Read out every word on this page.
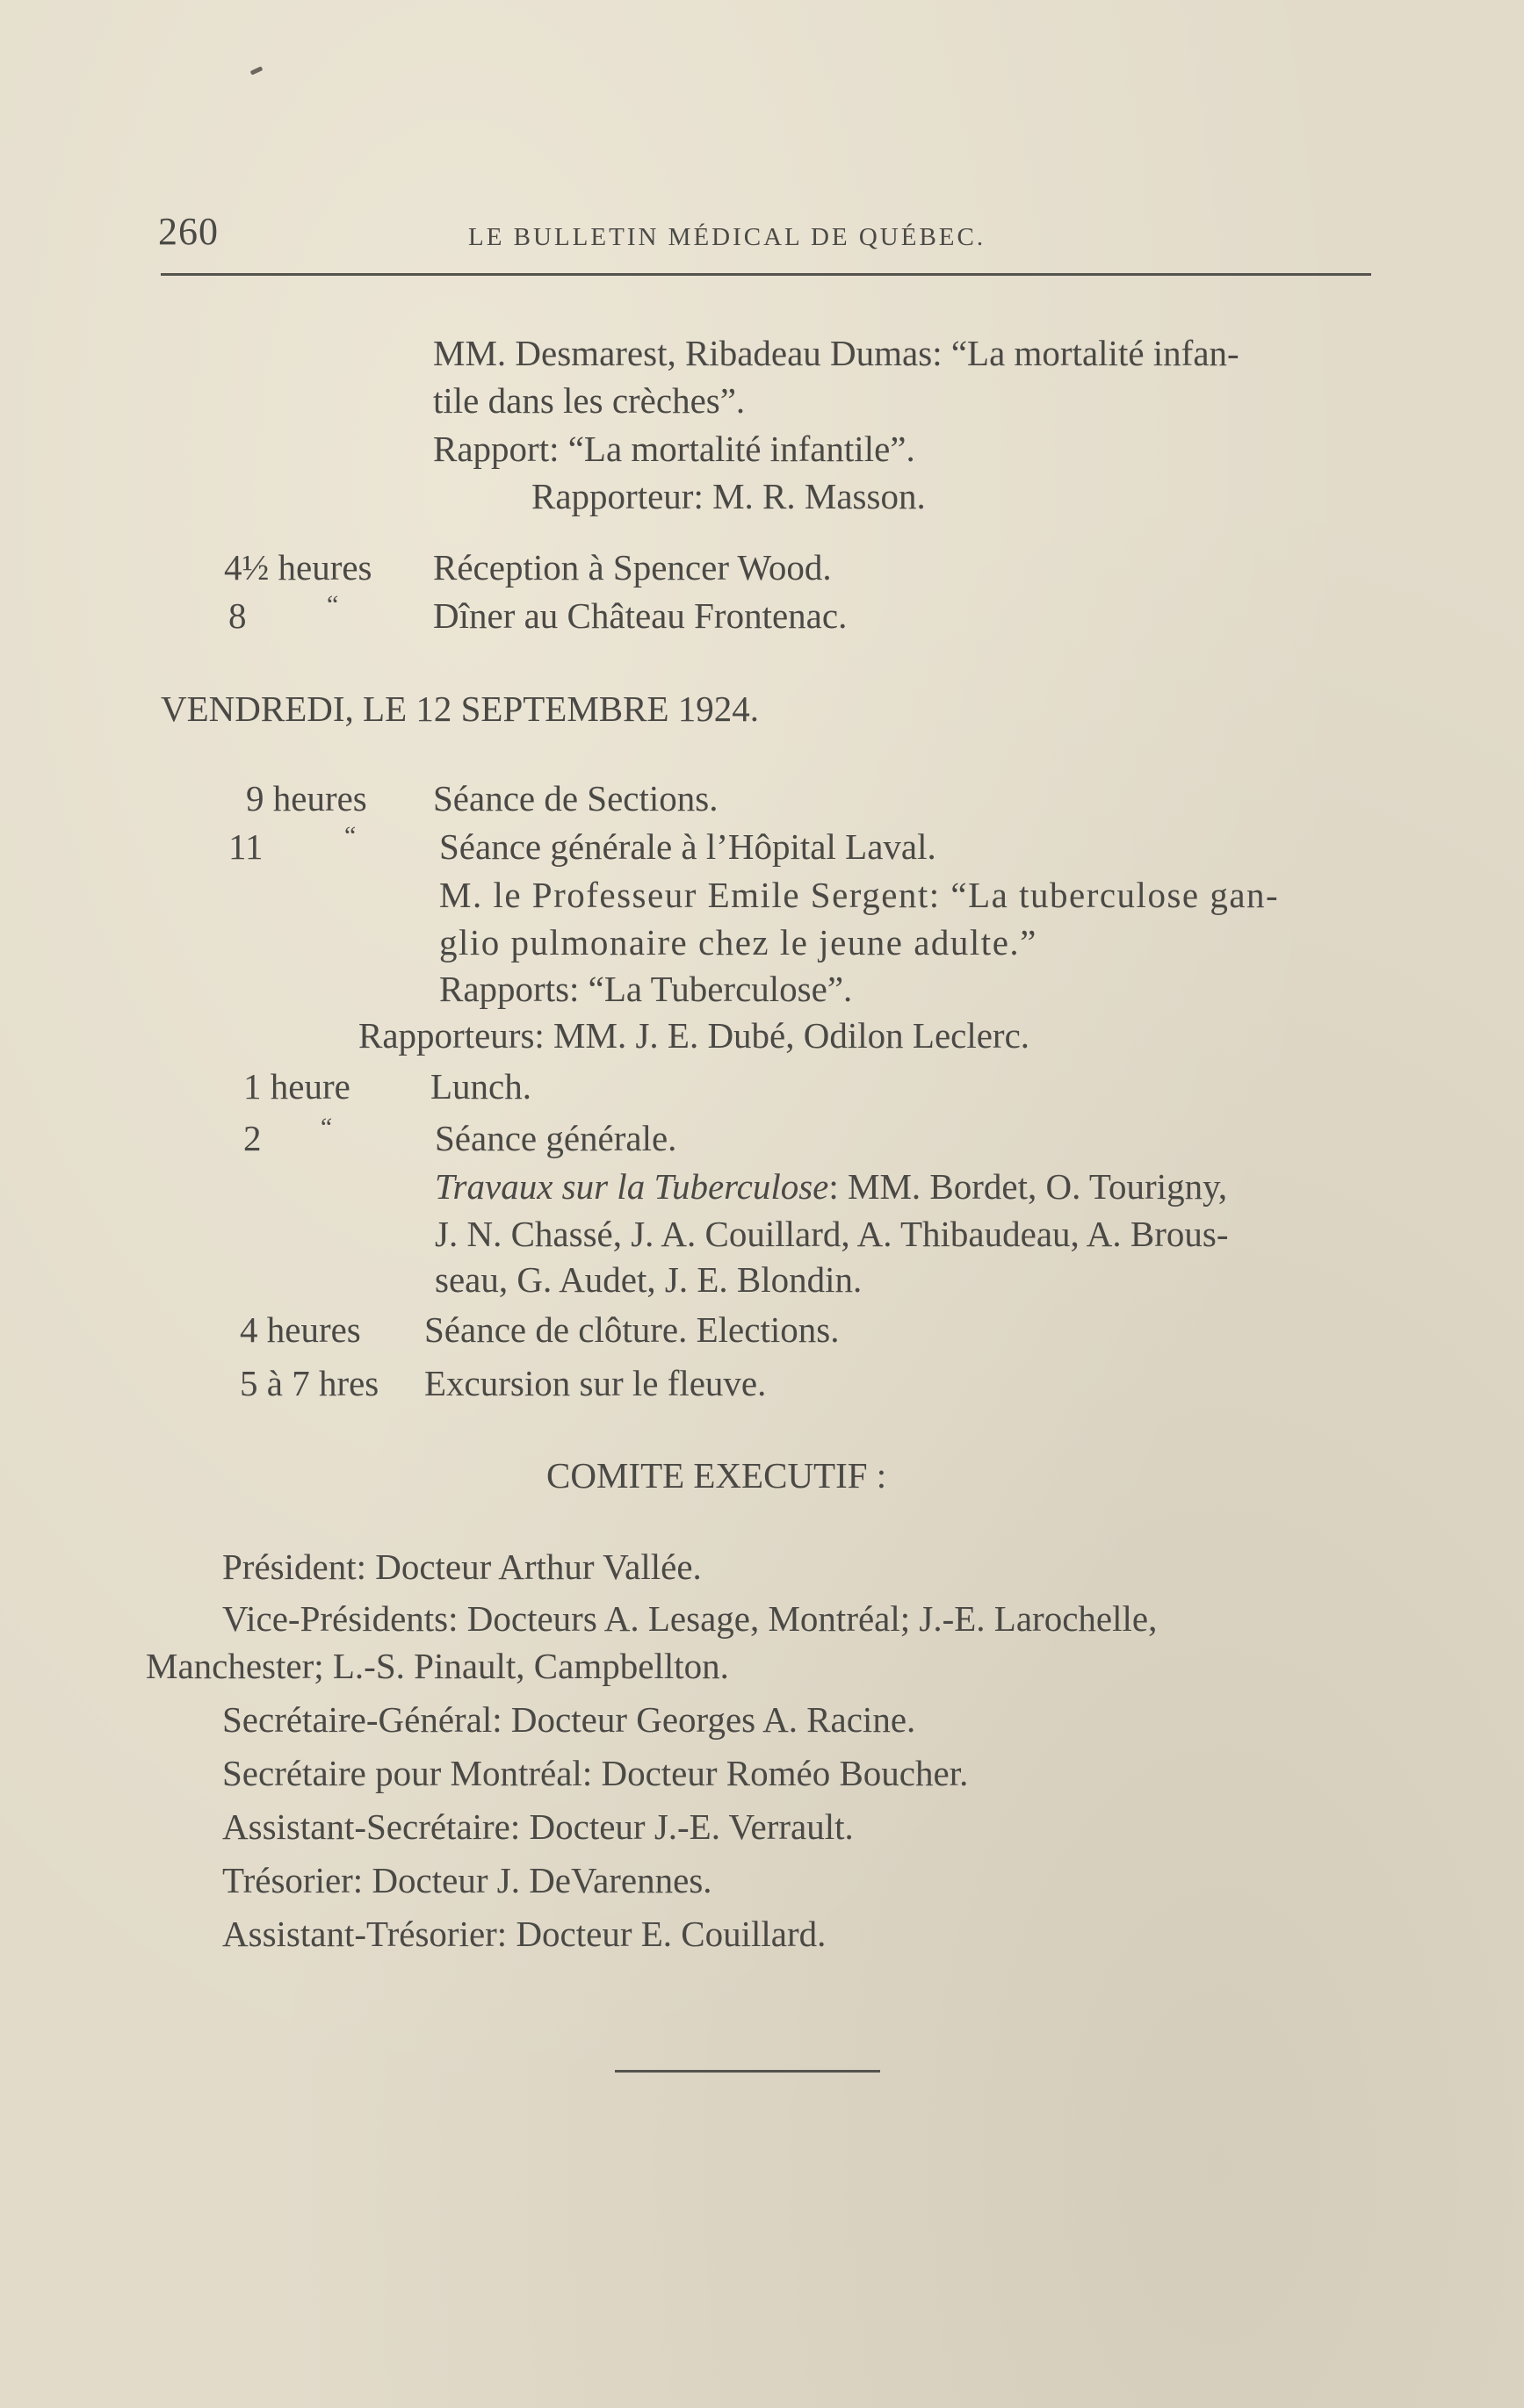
260	LE BULLETIN MÉDICAL DE QUÉBEC.
MM. Desmarest, Ribadeau Dumas: “La mortalité infan-
tile dans les crèches”.
Rapport: “La mortalité infantile”.
Rapporteur: M. R. Masson.
4½ heures Réception à Spencer Wood.
8	“	Dîner au Château Frontenac.
VENDREDI, LE 12 SEPTEMBRE 1924.
9 heures Séance de Sections.
11	“ Séance générale à l’Hôpital Laval.
M. le Professeur Emile Sergent: “La tuberculose gan-
glio pulmonaire chez le jeune adulte.”
Rapports: “La Tuberculose”.
Rapporteurs: MM. J. E. Dubé, Odilon Leclerc.
1 heure Lunch.
2 “	Séance générale.
Travaux sur la Tuberculose: MM. Bordet, O. Tourigny,
J. N. Chassé, J. A. Couillard, A. Thibaudeau, A. Brous-
seau, G. Audet, J. E. Blondin.
4 heures Séance de clôture. Elections.
5 à 7 hres Excursion sur le fleuve.
COMITE EXECUTIF :
Président: Docteur Arthur Vallée.
Vice-Présidents: Docteurs A. Lesage, Montréal; J.-E. Larochelle,
Manchester; L.-S. Pinault, Campbellton.
Secrétaire-Général: Docteur Georges A. Racine.
Secrétaire pour Montréal: Docteur Roméo Boucher.
Assistant-Secrétaire: Docteur J.-E. Verrault.
Trésorier: Docteur J. DeVarennes.
Assistant-Trésorier: Docteur E. Couillard.
